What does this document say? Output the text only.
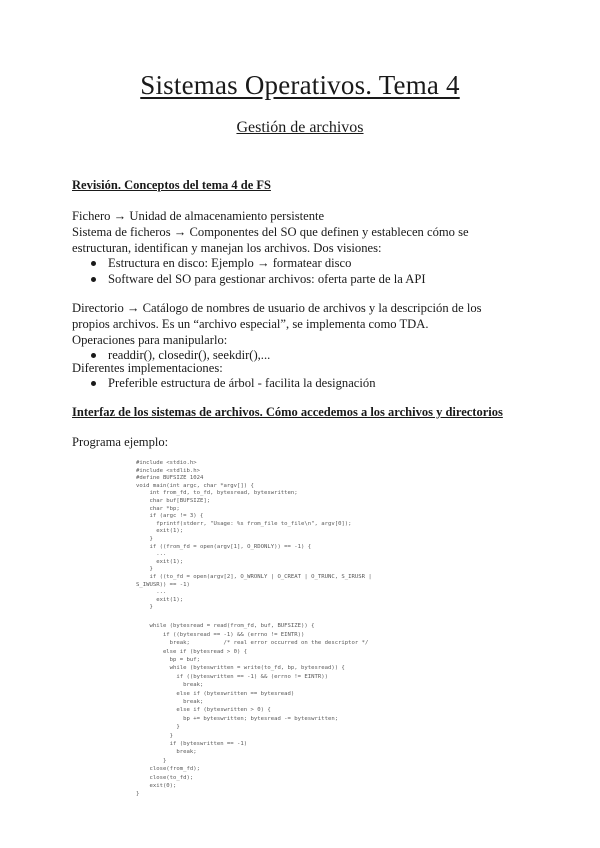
Sistemas Operativos. Tema 4
Gestión de archivos

Revisión. Conceptos del tema 4 de FS

Fichero → Unidad de almacenamiento persistente

Sistema de ficheros → Componentes del SO que definen y establecen cómo se

estructuran, identifican y manejan los archivos. Dos visiones:

Estructura en disco: Ejemplo → formatear disco
Software del SO para gestionar archivos: oferta parte de la API

Directorio → Catálogo de nombres de usuario de archivos y la descripción de los

propios archivos. Es un “archivo especial”, se implementa como TDA.

Operaciones para manipularlo:

readdir(), closedir(), seekdir(),...

Diferentes implementaciones:

Preferible estructura de árbol - facilita la designación

Interfaz de los sistemas de archivos. Cómo accedemos a los archivos y directorios

Programa ejemplo:

#include <stdio.h>

#include <stdlib.h>

#define BUFSIZE 1024

void main(int argc, char *argv[]) {

int from_fd, to_fd, bytesread, byteswritten;

char buf[BUFSIZE];

char *bp;

if (argc != 3) {

fprintf(stderr, "Usage: %s from_file to_file\n", argv[0]);

exit(1);

}

if ((from_fd = open(argv[1], O_RDONLY)) == -1) {

...

exit(1);

}

if ((to_fd = open(argv[2], O_WRONLY | O_CREAT | O_TRUNC, S_IRUSR |

S_IWUSR)) == -1)

...

exit(1);

}

while (bytesread = read(from_fd, buf, BUFSIZE)) {

if ((bytesread == -1) && (errno != EINTR))

break;          /* real error occurred on the descriptor */

else if (bytesread > 0) {

bp = buf;

while (byteswritten = write(to_fd, bp, bytesread)) {

if ((byteswritten == -1) && (errno != EINTR))

break;

else if (byteswritten == bytesread)

break;

else if (byteswritten > 0) {

bp += byteswritten; bytesread -= byteswritten;

}

}

if (byteswritten == -1)

break;

}

close(from_fd);

close(to_fd);

exit(0);

}
